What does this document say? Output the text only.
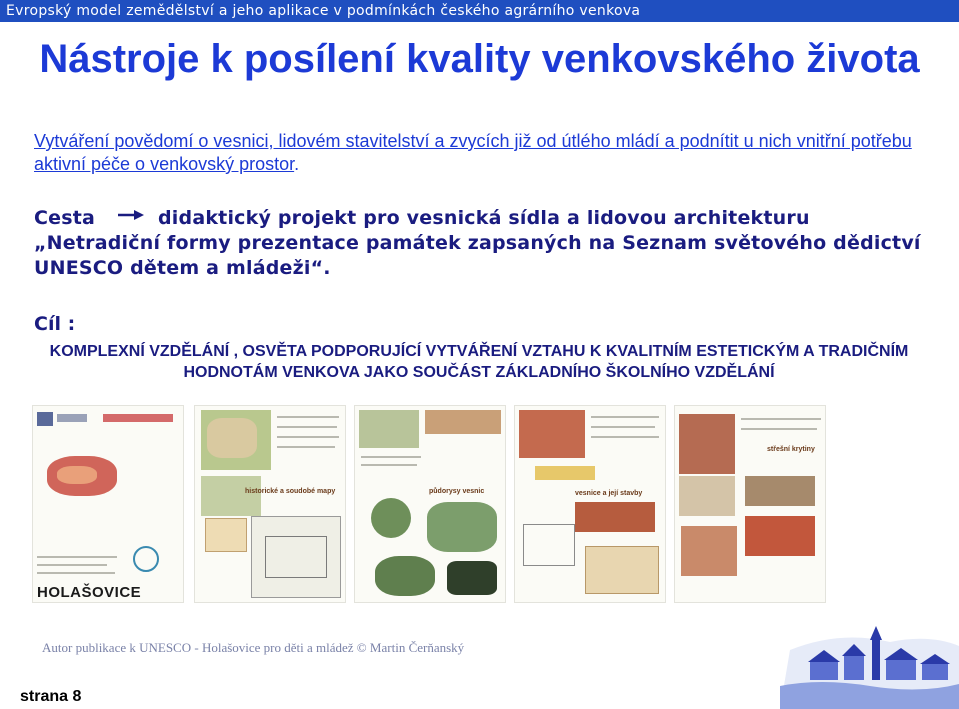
Evropský model zemědělství a jeho aplikace v podmínkách českého agrárního venkova
Nástroje k posílení kvality venkovského života
Vytváření povědomí o vesnici, lidovém stavitelství a zvycích již od útlého mládí a podnítit u nich vnitřní potřebu aktivní péče o venkovský prostor.
Cesta	didaktický projekt pro vesnická sídla a lidovou architekturu
„Netradiční formy prezentace památek zapsaných na Seznam světového dědictví UNESCO dětem a mládeži“.
Cíl :
KOMPLEXNÍ VZDĚLÁNÍ , OSVĚTA PODPORUJÍCÍ VYTVÁŘENÍ VZTAHU K KVALITNÍM ESTETICKÝM A TRADIČNÍM HODNOTÁM VENKOVA JAKO SOUČÁST ZÁKLADNÍHO ŠKOLNÍHO VZDĚLÁNÍ
HOLAŠOVICE
historické a soudobé mapy	půdorysy vesnic	vesnice a její stavby
střešní krytiny
Autor publikace k UNESCO - Holašovice pro děti a mládež © Martin Čerňanský
strana 8
